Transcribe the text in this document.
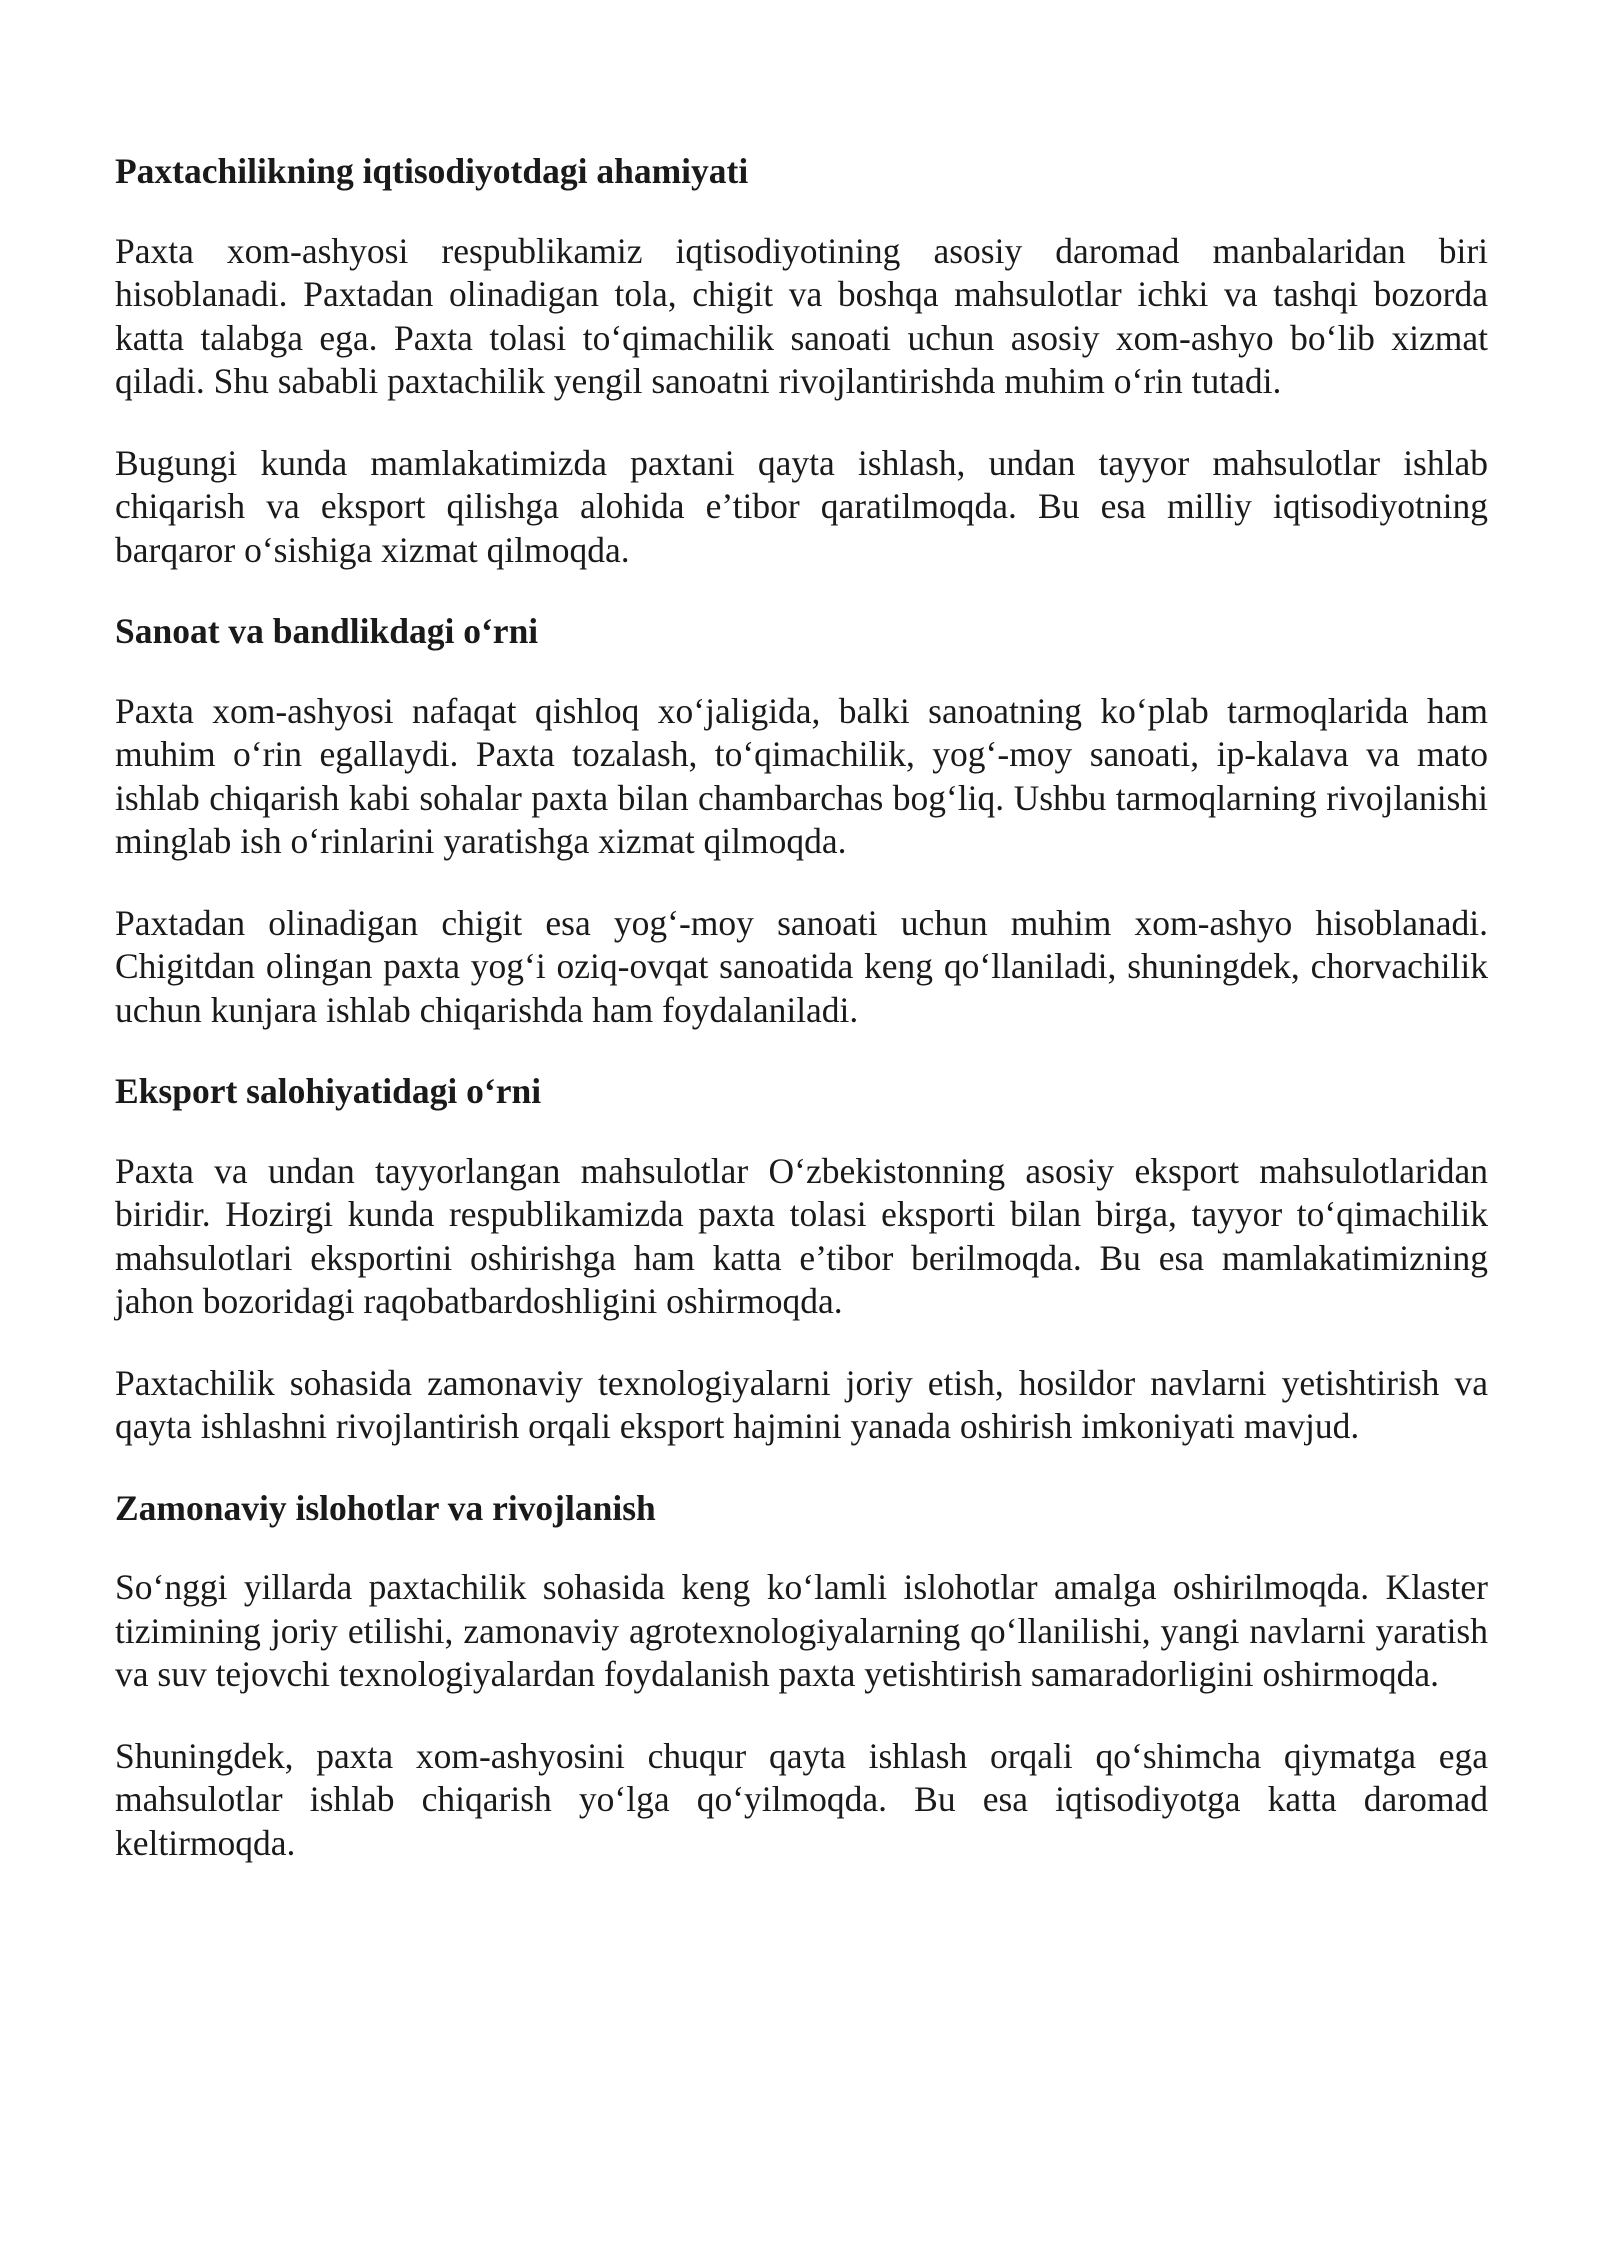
Paxtachilikning iqtisodiyotdagi ahamiyati

Paxta xom-ashyosi respublikamiz iqtisodiyotining asosiy daromad manbalaridan biri hisoblanadi. Paxtadan olinadigan tola, chigit va boshqa mahsulotlar ichki va tashqi bozorda katta talabga ega. Paxta tolasi to‘qimachilik sanoati uchun asosiy xom-ashyo bo‘lib xizmat qiladi. Shu sababli paxtachilik yengil sanoatni rivojlantirishda muhim o‘rin tutadi.

Bugungi kunda mamlakatimizda paxtani qayta ishlash, undan tayyor mahsulotlar ishlab chiqarish va eksport qilishga alohida e’tibor qaratilmoqda. Bu esa milliy iqtisodiyotning barqaror o‘sishiga xizmat qilmoqda.

Sanoat va bandlikdagi o‘rni

Paxta xom-ashyosi nafaqat qishloq xo‘jaligida, balki sanoatning ko‘plab tarmoqlarida ham muhim o‘rin egallaydi. Paxta tozalash, to‘qimachilik, yog‘-moy sanoati, ip-kalava va mato ishlab chiqarish kabi sohalar paxta bilan chambarchas bog‘liq. Ushbu tarmoqlarning rivojlanishi minglab ish o‘rinlarini yaratishga xizmat qilmoqda.

Paxtadan olinadigan chigit esa yog‘-moy sanoati uchun muhim xom-ashyo hisoblanadi. Chigitdan olingan paxta yog‘i oziq-ovqat sanoatida keng qo‘llaniladi, shuningdek, chorvachilik uchun kunjara ishlab chiqarishda ham foydalaniladi.

Eksport salohiyatidagi o‘rni

Paxta va undan tayyorlangan mahsulotlar O‘zbekistonning asosiy eksport mahsulotlaridan biridir. Hozirgi kunda respublikamizda paxta tolasi eksporti bilan birga, tayyor to‘qimachilik mahsulotlari eksportini oshirishga ham katta e’tibor berilmoqda. Bu esa mamlakatimizning jahon bozoridagi raqobatbardoshligini oshirmoqda.

Paxtachilik sohasida zamonaviy texnologiyalarni joriy etish, hosildor navlarni yetishtirish va qayta ishlashni rivojlantirish orqali eksport hajmini yanada oshirish imkoniyati mavjud.

Zamonaviy islohotlar va rivojlanish

So‘nggi yillarda paxtachilik sohasida keng ko‘lamli islohotlar amalga oshirilmoqda. Klaster tizimining joriy etilishi, zamonaviy agrotexnologiyalarning qo‘llanilishi, yangi navlarni yaratish va suv tejovchi texnologiyalardan foydalanish paxta yetishtirish samaradorligini oshirmoqda.

Shuningdek, paxta xom-ashyosini chuqur qayta ishlash orqali qo‘shimcha qiymatga ega mahsulotlar ishlab chiqarish yo‘lga qo‘yilmoqda. Bu esa iqtisodiyotga katta daromad keltirmoqda.
